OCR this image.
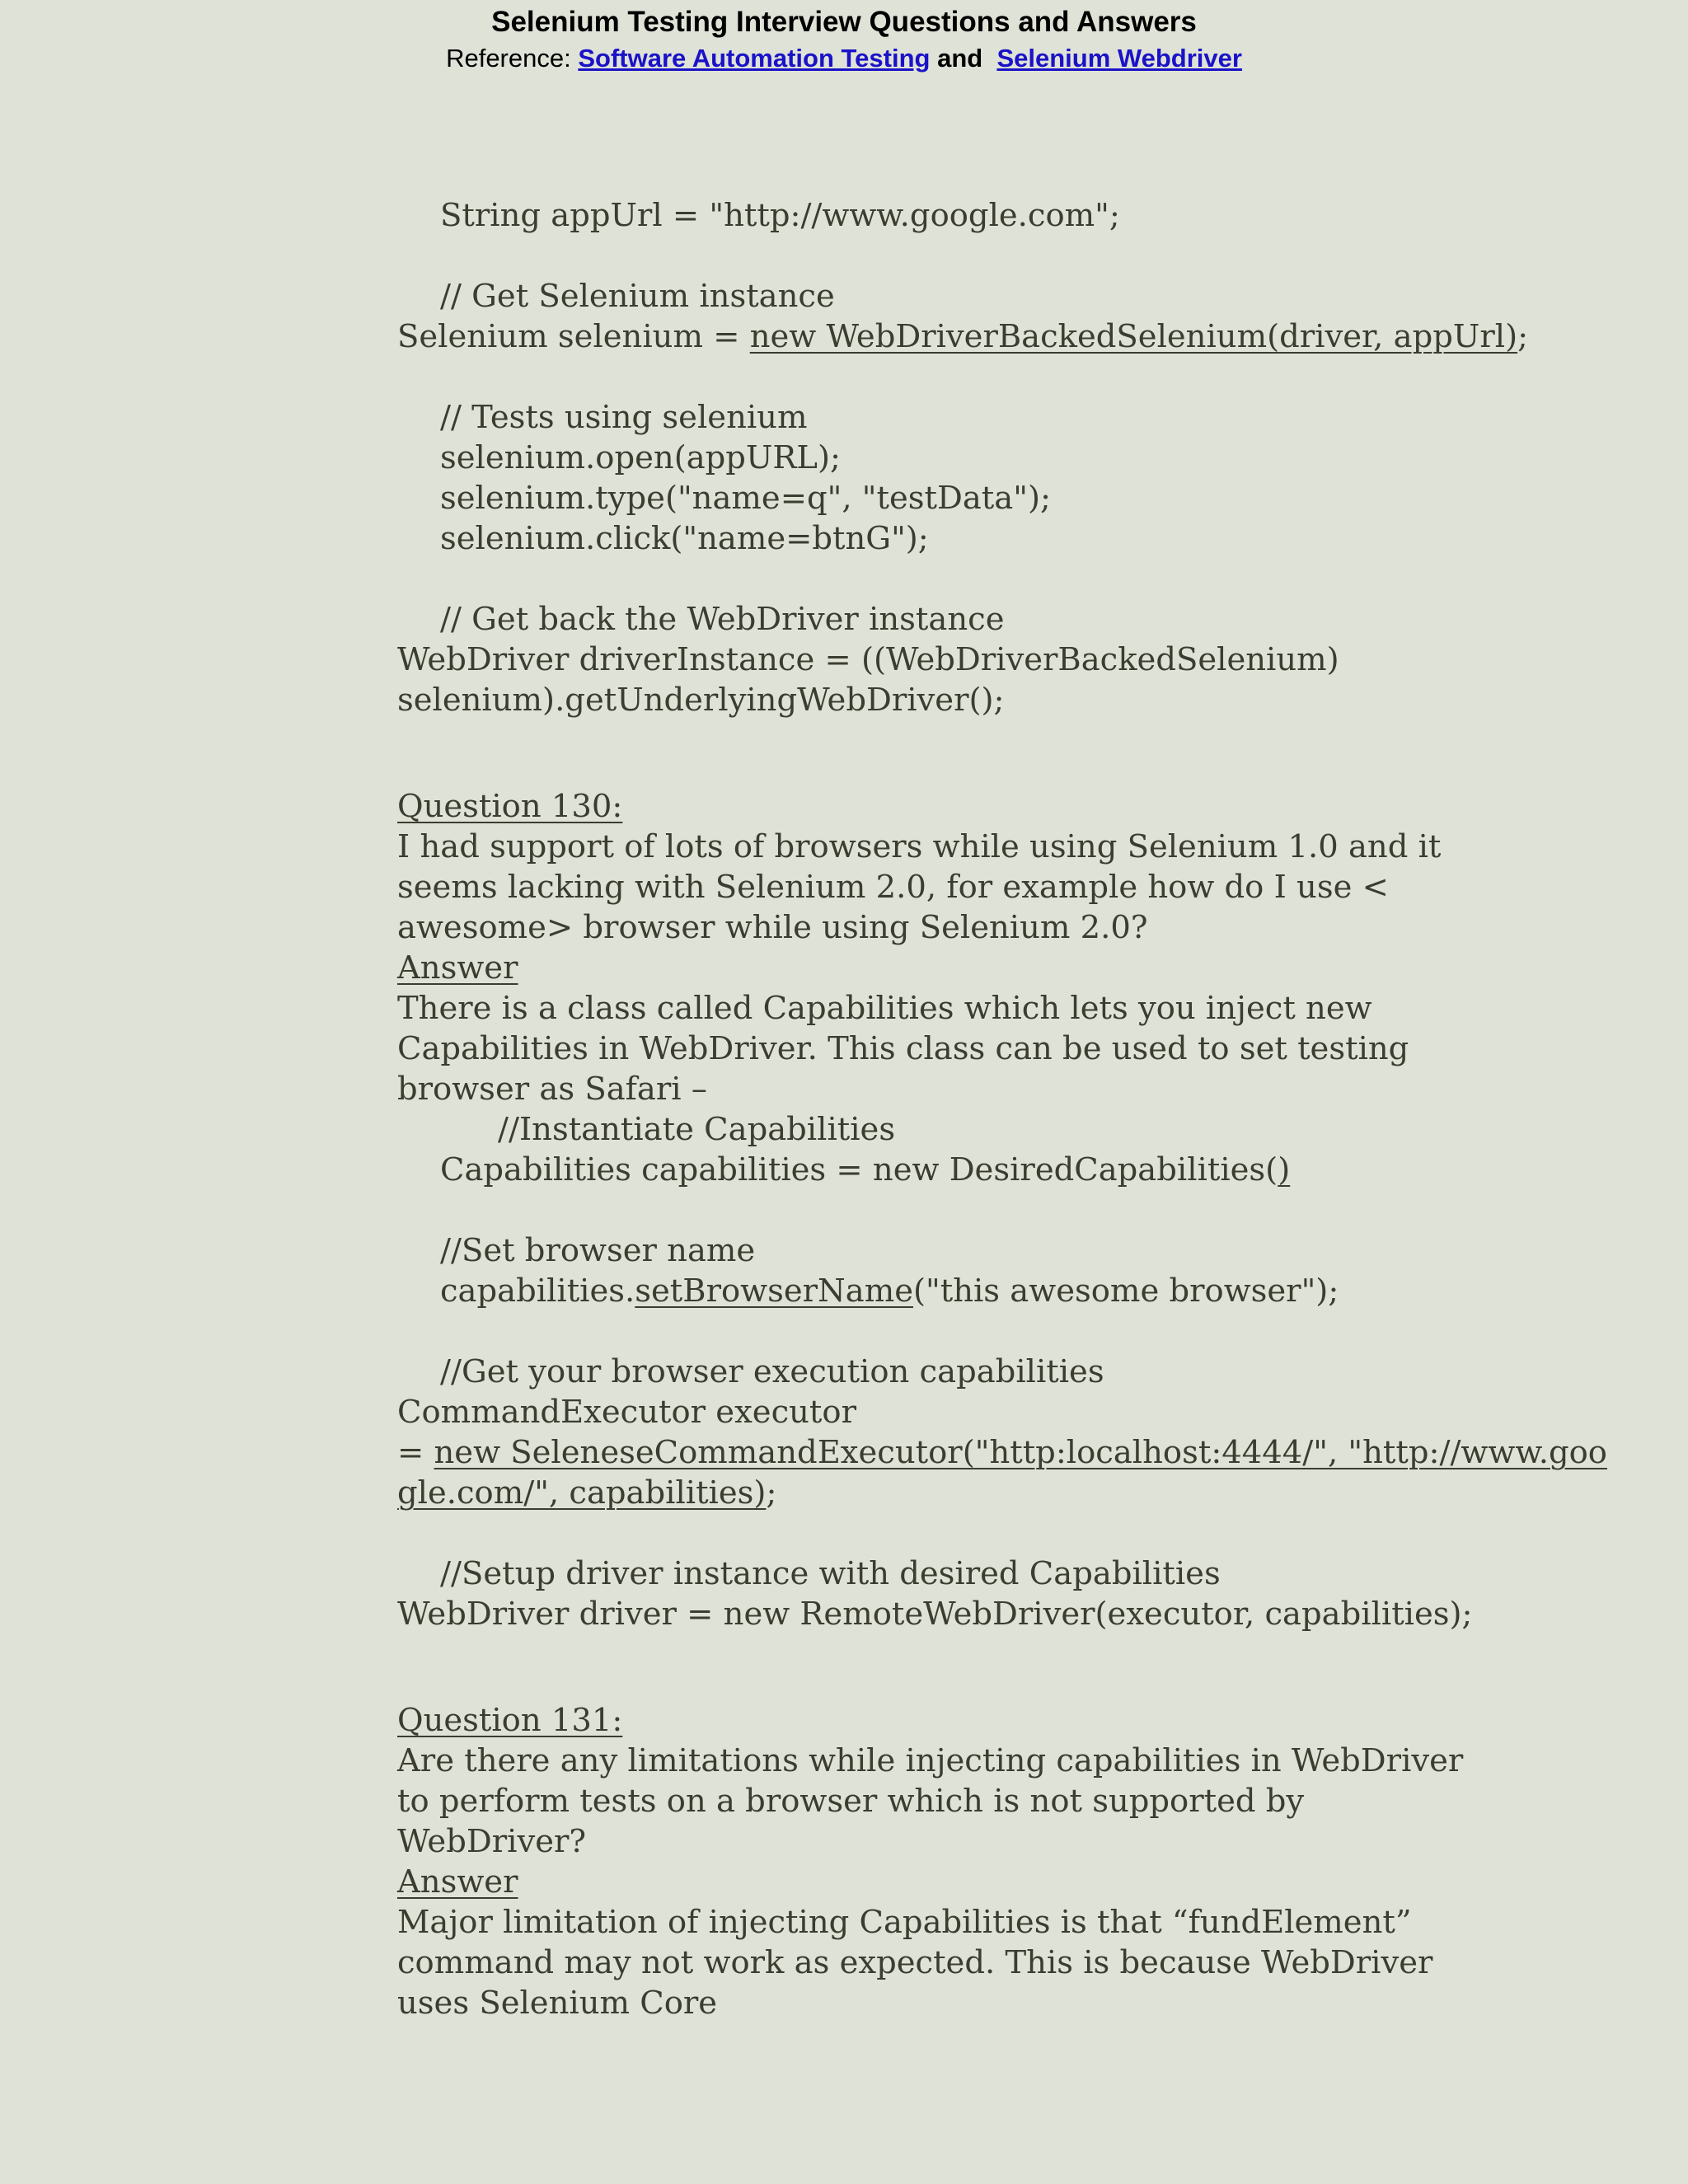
Selenium Testing Interview Questions and Answers
Reference: Software Automation Testing and Selenium Webdriver
String appUrl = "http://www.google.com";
// Get Selenium instance
Selenium selenium = new WebDriverBackedSelenium(driver, appUrl);
// Tests using selenium
selenium.open(appURL);
selenium.type("name=q", "testData");
selenium.click("name=btnG");
// Get back the WebDriver instance
WebDriver driverInstance = ((WebDriverBackedSelenium)
selenium).getUnderlyingWebDriver();
Question 130:
I had support of lots of browsers while using Selenium 1.0 and it seems lacking with Selenium 2.0, for example how do I use < awesome> browser while using Selenium 2.0?
Answer
There is a class called Capabilities which lets you inject new Capabilities in WebDriver. This class can be used to set testing browser as Safari –
//Instantiate Capabilities
Capabilities capabilities = new DesiredCapabilities()
//Set browser name
capabilities.setBrowserName("this awesome browser");
//Get your browser execution capabilities
CommandExecutor executor
= new SeleneseCommandExecutor("http:localhost:4444/", "http://www.goo
gle.com/", capabilities);
//Setup driver instance with desired Capabilities
WebDriver driver = new RemoteWebDriver(executor, capabilities);
Question 131:
Are there any limitations while injecting capabilities in WebDriver to perform tests on a browser which is not supported by WebDriver?
Answer
Major limitation of injecting Capabilities is that “fundElement” command may not work as expected. This is because WebDriver uses Selenium Core
